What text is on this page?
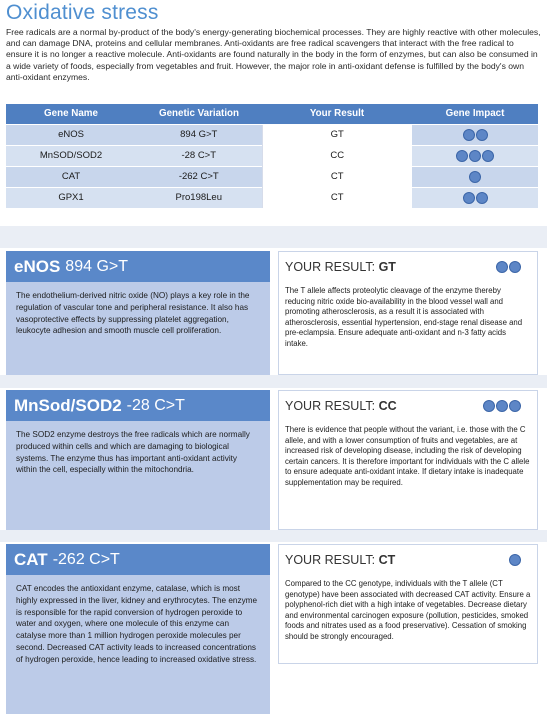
Oxidative stress
Free radicals are a normal by-product of the body's energy-generating biochemical processes. They are highly reactive with other molecules, and can damage DNA, proteins and cellular membranes. Anti-oxidants are free radical scavengers that interact with the free radical to ensure it is no longer a reactive molecule. Anti-oxidants are found naturally in the body in the form of enzymes, but can also be consumed in a wide variety of foods, especially from vegetables and fruit. However, the major role in anti-oxidant defense is fulfilled by the body's own anti-oxidant enzymes.
Gene Name	Genetic Variation	Your Result	Gene Impact
eNOS	894 G>T	GT	

MnSOD/SOD2	-28 C>T	CC	

CAT	-262 C>T	CT	

GPX1	Pro198Leu	CT	
eNOS 894 G>T
The endothelium-derived nitric oxide (NO) plays a key role in the regulation of vascular tone and peripheral resistance. It also has vasoprotective effects by suppressing platelet aggregation, leukocyte adhesion and smooth muscle cell proliferation.
YOUR RESULT: GT
The T allele affects proteolytic cleavage of the enzyme thereby reducing nitric oxide bio-availability in the blood vessel wall and promoting atherosclerosis, as a result it is associated with atherosclerosis, essential hypertension, end-stage renal disease and pre-eclampsia. Ensure adequate anti-oxidant and n-3 fatty acids intake.
MnSod/SOD2 -28 C>T
The SOD2 enzyme destroys the free radicals which are normally produced within cells and which are damaging to biological systems. The enzyme thus has important anti-oxidant activity within the cell, especially within the mitochondria.
YOUR RESULT: CC
There is evidence that people without the variant, i.e. those with the C allele, and with a lower consumption of fruits and vegetables, are at increased risk of developing disease, including the risk of developing certain cancers. It is therefore important for individuals with the C allele to ensure adequate anti-oxidant intake. If dietary intake is inadequate supplementation may be required.
CAT -262 C>T
CAT encodes the antioxidant enzyme, catalase, which is most highly expressed in the liver, kidney and erythrocytes. The enzyme is responsible for the rapid conversion of hydrogen peroxide to water and oxygen, where one molecule of this enzyme can catalyse more than 1 million hydrogen peroxide molecules per second. Decreased CAT activity leads to increased concentrations of hydrogen peroxide, hence leading to increased oxidative stress.
YOUR RESULT: CT
Compared to the CC genotype, individuals with the T allele (CT genotype) have been associated with decreased CAT activity. Ensure a polyphenol-rich diet with a high intake of vegetables. Decrease dietary and environmental carcinogen exposure (pollution, pesticides, smoked foods and nitrates used as a food preservative). Cessation of smoking should be strongly encouraged.
